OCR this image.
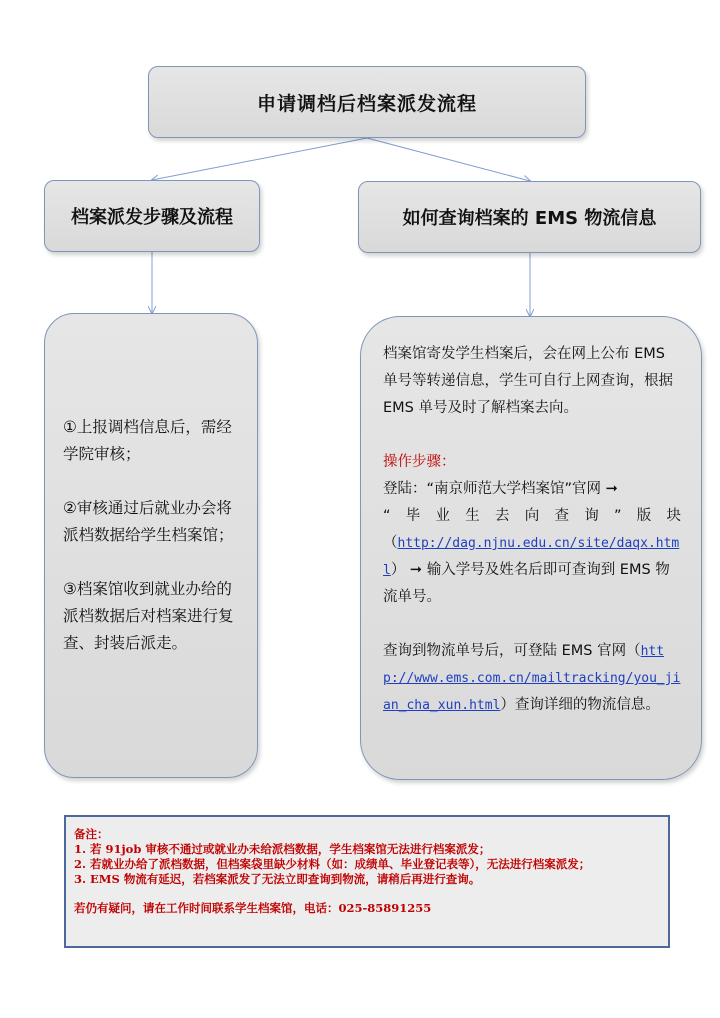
申请调档后档案派发流程
档案派发步骤及流程	如何查询档案的 EMS 物流信息

①上报调档信息后，需经学院审核；

②审核通过后就业办会将派档数据给学生档案馆；

③档案馆收到就业办给的派档数据后对档案进行复查、封装后派走。

档案馆寄发学生档案后，会在网上公布 EMS 单号等转递信息，学生可自行上网查询，根据 EMS 单号及时了解档案去向。

操作步骤：

登陆：“南京师范大学档案馆”官网 ➞

“毕业生去向查询”版块

（http://dag.njnu.edu.cn/site/daqx.html） ➞ 输入学号及姓名后即可查询到 EMS 物流单号。

查询到物流单号后，可登陆 EMS 官网（http://www.ems.com.cn/mailtracking/you_jian_cha_xun.html）查询详细的物流信息。

备注：
1. 若 91job 审核不通过或就业办未给派档数据，学生档案馆无法进行档案派发；
2. 若就业办给了派档数据，但档案袋里缺少材料（如：成绩单、毕业登记表等），无法进行档案派发；
3. EMS 物流有延迟，若档案派发了无法立即查询到物流，请稍后再进行查询。
若仍有疑问，请在工作时间联系学生档案馆，电话：025-85891255
